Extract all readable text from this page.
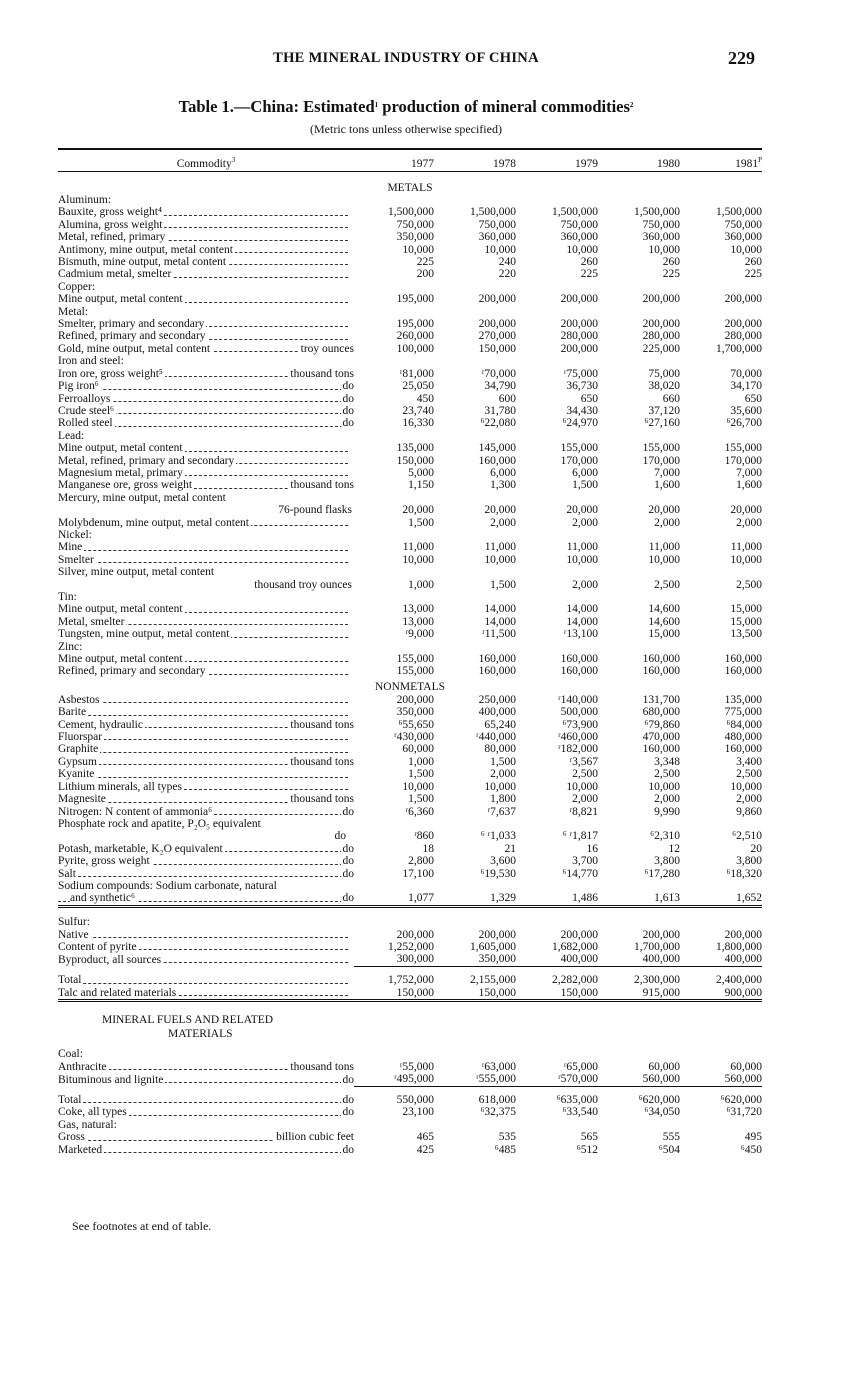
THE MINERAL INDUSTRY OF CHINA	229
Table 1.—China: Estimated$^1$ production of mineral commodities$^2$
(Metric tons unless otherwise specified)
Commodity$^3$	1977	1978	1979	1980	$1981^P$
METALS					
Aluminum:					
Bauxite, gross weight⁴	1,500,000	1,500,000	1,500,000	1,500,000	1,500,000
Alumina, gross weight	750,000	750,000	750,000	750,000	750,000
Metal, refined, primary	350,000	360,000	360,000	360,000	360,000
Antimony, mine output, metal content	10,000	10,000	10,000	10,000	10,000
Bismuth, mine output, metal content	225	240	260	260	260
Cadmium metal, smelter	200	220	225	225	225
Copper:					
Mine output, metal content	195,000	200,000	200,000	200,000	200,000
Metal:					
Smelter, primary and secondary	195,000	200,000	200,000	200,000	200,000
Refined, primary and secondary	260,000	270,000	280,000	280,000	280,000
Gold, mine output, metal content troy ounces	100,000	150,000	200,000	225,000	1,700,000
Iron and steel:					
Iron ore, gross weight⁵ thousand tons	ʳ81,000	ʳ70,000	ʳ75,000	75,000	70,000
Pig iron⁶ do	25,050	34,790	36,730	38,020	34,170
Ferroalloys do	450	600	650	660	650
Crude steel⁶ do	23,740	31,780	34,430	37,120	35,600
Rolled steel do	16,330	⁶22,080	⁶24,970	⁶27,160	⁶26,700
Lead:					
Mine output, metal content	135,000	145,000	155,000	155,000	155,000
Metal, refined, primary and secondary	150,000	160,000	170,000	170,000	170,000
Magnesium metal, primary	5,000	6,000	6,000	7,000	7,000
Manganese ore, gross weight thousand tons	1,150	1,300	1,500	1,600	1,600
Mercury, mine output, metal content					
76-pound flasks	20,000	20,000	20,000	20,000	20,000
Molybdenum, mine output, metal content	1,500	2,000	2,000	2,000	2,000
Nickel:					
Mine	11,000	11,000	11,000	11,000	11,000
Smelter	10,000	10,000	10,000	10,000	10,000
Silver, mine output, metal content					
thousand troy ounces	1,000	1,500	2,000	2,500	2,500
Tin:					
Mine output, metal content	13,000	14,000	14,000	14,600	15,000
Metal, smelter	13,000	14,000	14,000	14,600	15,000
Tungsten, mine output, metal content	ʳ9,000	ʳ11,500	ʳ13,100	15,000	13,500
Zinc:					
Mine output, metal content	155,000	160,000	160,000	160,000	160,000
Refined, primary and secondary	155,000	160,000	160,000	160,000	160,000
NONMETALS					
Asbestos	200,000	250,000	ʳ140,000	131,700	135,000
Barite	350,000	400,000	500,000	680,000	775,000
Cement, hydraulic thousand tons	⁶55,650	65,240	⁶73,900	⁶79,860	⁶84,000
Fluorspar	ʳ430,000	ʳ440,000	ʳ460,000	470,000	480,000
Graphite	60,000	80,000	ʳ182,000	160,000	160,000
Gypsum thousand tons	1,000	1,500	ʳ3,567	3,348	3,400
Kyanite	1,500	2,000	2,500	2,500	2,500
Lithium minerals, all types	10,000	10,000	10,000	10,000	10,000
Magnesite thousand tons	1,500	1,800	2,000	2,000	2,000
Nitrogen: N content of ammonia⁶ do	ʳ6,360	ʳ7,637	ʳ8,821	9,990	9,860
Phosphate rock and apatite, P₂O₅ equivalent					
do	ʳ860	⁶ ʳ1,033	⁶ ʳ1,817	⁶2,310	⁶2,510
Potash, marketable, K₂O equivalent do	18	21	16	12	20
Pyrite, gross weight do	2,800	3,600	3,700	3,800	3,800
Salt do	17,100	⁶19,530	⁶14,770	⁶17,280	⁶18,320
Sodium compounds: Sodium carbonate, natural					
and synthetic⁶ do	1,077	1,329	1,486	1,613	1,652

Sulfur:					
Native	200,000	200,000	200,000	200,000	200,000
Content of pyrite	1,252,000	1,605,000	1,682,000	1,700,000	1,800,000
Byproduct, all sources	300,000	350,000	400,000	400,000	400,000

Total	1,752,000	2,155,000	2,282,000	2,300,000	2,400,000
Talc and related materials	150,000	150,000	150,000	915,000	900,000

MINERAL FUELS AND RELATED					
MATERIALS					
Coal:					
Anthracite thousand tons	ʳ55,000	ʳ63,000	ʳ65,000	60,000	60,000
Bituminous and lignite do	ʳ495,000	ʳ555,000	ʳ570,000	560,000	560,000

Total do	550,000	618,000	⁶635,000	⁶620,000	⁶620,000
Coke, all types do	23,100	⁶32,375	⁶33,540	⁶34,050	⁶31,720
Gas, natural:					
Gross billion cubic feet	465	535	565	555	495
Marketed do	425	⁶485	⁶512	⁶504	⁶450
See footnotes at end of table.
